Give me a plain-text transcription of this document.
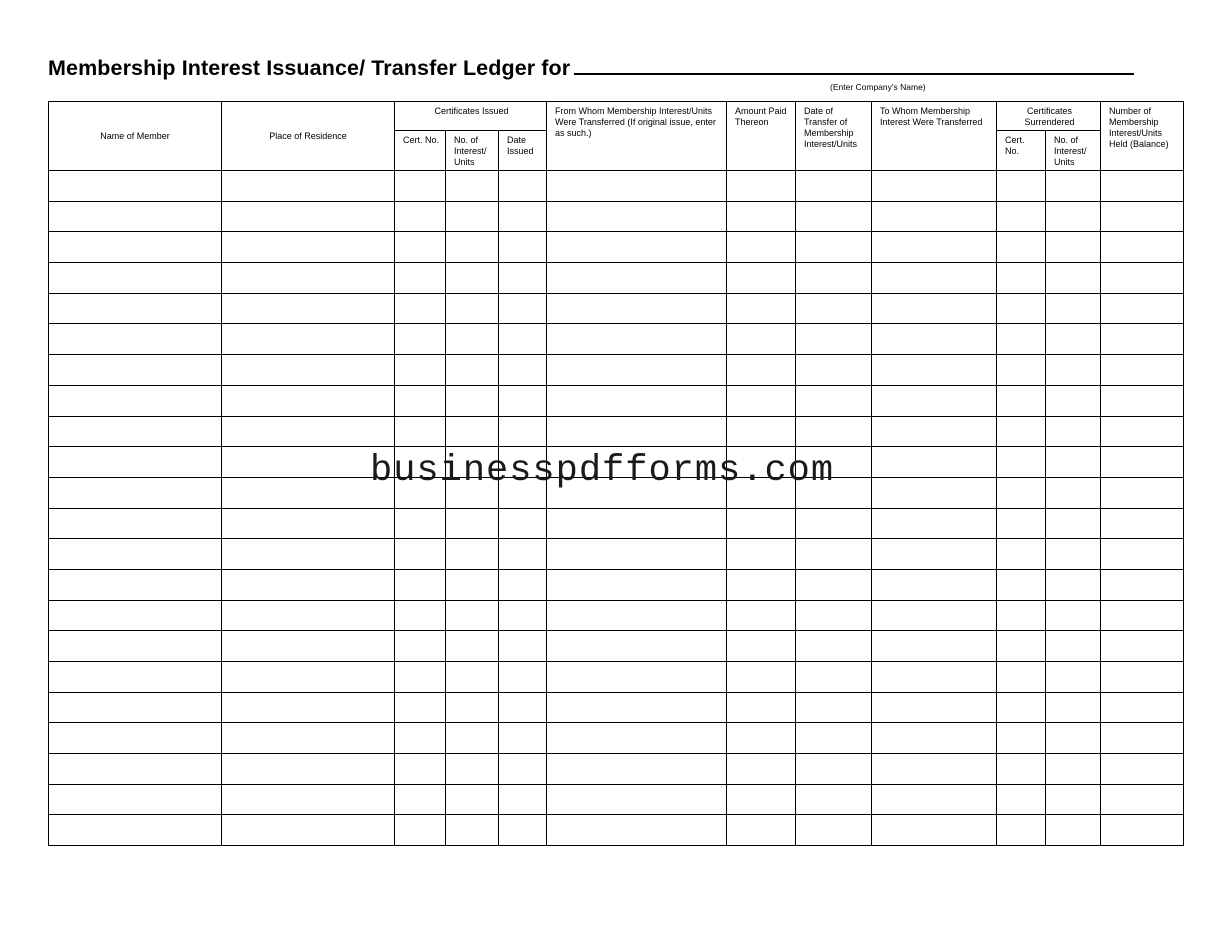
Membership Interest Issuance/ Transfer Ledger for
(Enter Company's Name)
Name of Member	Place of Residence	Certificates Issued			From Whom Membership Interest/Units Were Transferred (If original issue, enter as such.)	Amount Paid Thereon	Date of Transfer of Membership Interest/Units	To Whom Membership Interest Were Transferred	Certificates Surrendered		Number of Membership Interest/Units Held (Balance)

		Cert. No.	No. of Interest/ Units	Date Issued					Cert. No.	No. of Interest/ Units	

businesspdfforms.com
